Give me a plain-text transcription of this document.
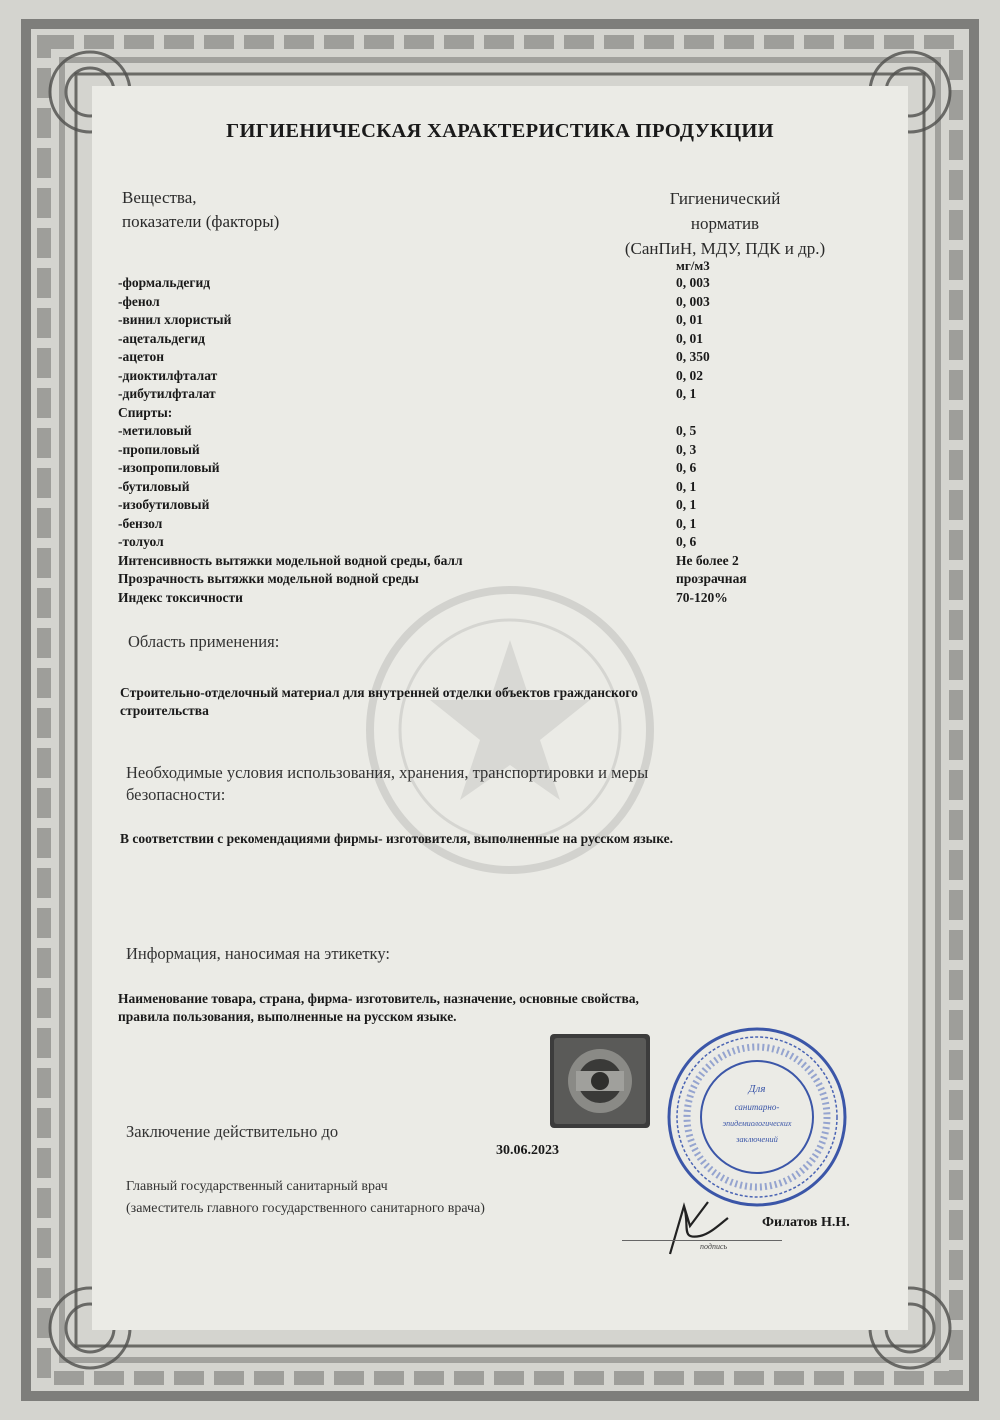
ГИГИЕНИЧЕСКАЯ ХАРАКТЕРИСТИКА ПРОДУКЦИИ
Вещества,
показатели (факторы)
Гигиенический
норматив
(СанПиН, МДУ, ПДК и др.)
мг/м3
-формальдегид	0, 003
-фенол	0, 003
-винил хлористый	0, 01
-ацетальдегид	0, 01
-ацетон	0, 350
-диоктилфталат	0, 02
-дибутилфталат	0, 1
Спирты:
-метиловый	0, 5
-пропиловый	0, 3
-изопропиловый	0, 6
-бутиловый	0, 1
-изобутиловый	0, 1
-бензол	0, 1
-толуол	0, 6
Интенсивность вытяжки модельной водной среды, балл	Не более 2
Прозрачность вытяжки модельной водной среды	прозрачная
Индекс токсичности	70-120%
Область применения:
Строительно-отделочный материал для внутренней отделки объектов гражданского
строительства
Необходимые условия использования, хранения, транспортировки и меры
безопасности:
В соответствии с рекомендациями фирмы- изготовителя, выполненные на русском языке.
Информация, наносимая на этикетку:
Наименование товара, страна, фирма- изготовитель, назначение, основные свойства,
правила пользования, выполненные на русском языке.
Заключение действительно до
30.06.2023
Главный государственный санитарный врач
(заместитель главного государственного санитарного врача)
Для
санитарно-
эпидемиологических
заключений
подпись
Филатов Н.Н.
